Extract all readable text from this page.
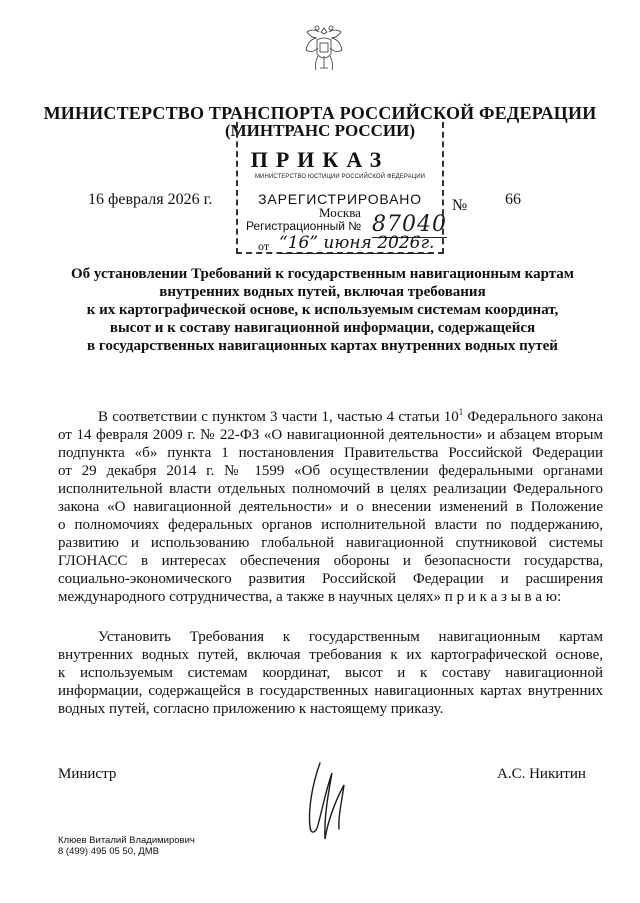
МИНИСТЕРСТВО ТРАНСПОРТА РОССИЙСКОЙ ФЕДЕРАЦИИ
(МИНТРАНС РОССИИ)
ПРИКАЗ
16 февраля 2026 г.	№ 66
МИНИСТЕРСТВО ЮСТИЦИИ РОССИЙСКОЙ ФЕДЕРАЦИИ
ЗАРЕГИСТРИРОВАНО
Москва
Регистрационный № 87040
от “16” июня 2026г.
Об установлении Требований к государственным навигационным картам
внутренних водных путей, включая требования
к их картографической основе, к используемым системам координат,
высот и к составу навигационной информации, содержащейся
в государственных навигационных картах внутренних водных путей
В соответствии с пунктом 3 части 1, частью 4 статьи $10^1$ Федерального закона
от 14 февраля 2009 г. № 22-ФЗ «О навигационной деятельности» и абзацем вторым
подпункта «б» пункта 1 постановления Правительства Российской Федерации
от 29 декабря 2014 г. № 1599 «Об осуществлении федеральными органами
исполнительной власти отдельных полномочий в целях реализации Федерального
закона «О навигационной деятельности» и о внесении изменений в Положение
о полномочиях федеральных органов исполнительной власти по поддержанию,
развитию и использованию глобальной навигационной спутниковой системы
ГЛОНАСС в интересах обеспечения обороны и безопасности государства,
социально-экономического развития Российской Федерации и расширения
международного сотрудничества, а также в научных целях» п р и к а з ы в а ю:
Установить Требования к государственным навигационным картам
внутренних водных путей, включая требования к их картографической основе,
к используемым системам координат, высот и к составу навигационной
информации, содержащейся в государственных навигационных картах внутренних
водных путей, согласно приложению к настоящему приказу.
Министр	А.С. Никитин
Клюев Виталий Владимирович
8 (499) 495 05 50, ДМВ
